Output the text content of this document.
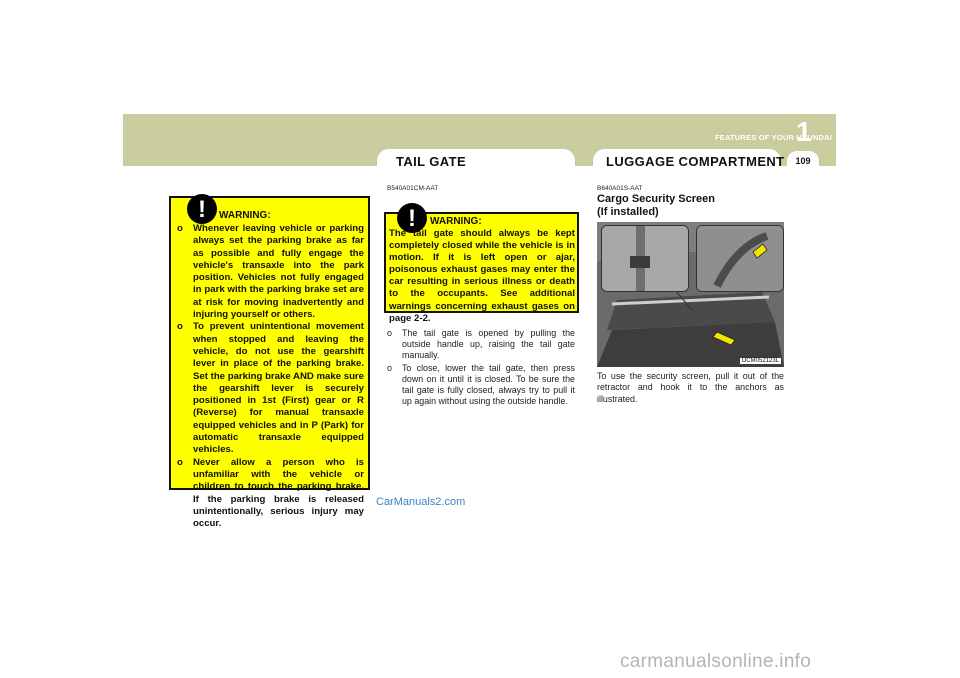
FEATURES OF YOUR HYUNDAI
1
109
TAIL GATE	LUGGAGE COMPARTMENT
!	WARNING:
o Whenever leaving vehicle or parking always set the parking brake as far as possible and fully engage the vehicle's transaxle into the park position. Vehicles not fully engaged in park with the parking brake set are at risk for moving inadvertently and injuring yourself or others.
o To prevent unintentional movement when stopped and leaving the vehicle, do not use the gearshift lever in place of the parking brake. Set the parking brake AND make sure the gearshift lever is securely positioned in 1st (First) gear or R (Reverse) for manual transaxle equipped vehicles and in P (Park) for automatic transaxle equipped vehicles.
o Never allow a person who is unfamiliar with the vehicle or children to touch the parking brake. If the parking brake is released unintentionally, serious injury may occur.
B540A01CM-AAT
!	WARNING:
The tail gate should always be kept completely closed while the vehicle is in motion. If it is left open or ajar, poisonous exhaust gases may enter the car resulting in serious illness or death to the occupants. See additional warnings concerning exhaust gases on page 2-2.
o The tail gate is opened by pulling the outside handle up, raising the tail gate manually.
o To close, lower the tail gate, then press down on it until it is closed. To be sure the tail gate is fully closed, always try to pull it up again without using the outside handle.
B640A01S-AAT
Cargo Security Screen
(If installed)
OCM052123L
To use the security screen, pull it out of the retractor and hook it to the anchors as illustrated.
CarManuals2.com
carmanualsonline.info
